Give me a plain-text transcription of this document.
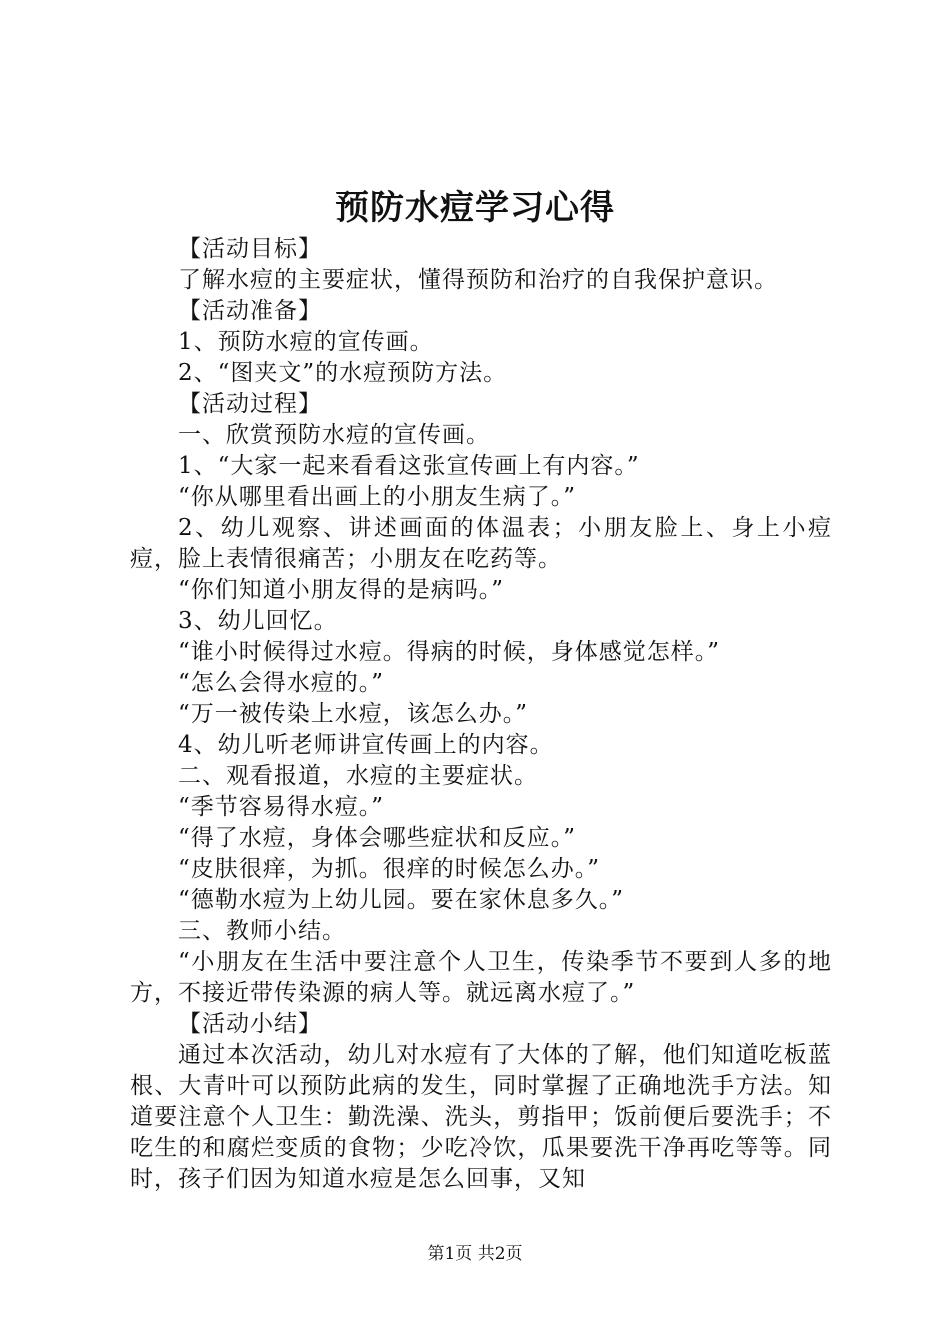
预防水痘学习心得

【活动目标】

了解水痘的主要症状，懂得预防和治疗的自我保护意识。

【活动准备】

1、预防水痘的宣传画。

2、“图夹文”的水痘预防方法。

【活动过程】

一、欣赏预防水痘的宣传画。

1、“大家一起来看看这张宣传画上有内容。”

“你从哪里看出画上的小朋友生病了。”

2、幼儿观察、讲述画面的体温表；小朋友脸上、身上小痘痘，脸上表情很痛苦；小朋友在吃药等。

“你们知道小朋友得的是病吗。”

3、幼儿回忆。

“谁小时候得过水痘。得病的时候，身体感觉怎样。”

“怎么会得水痘的。”

“万一被传染上水痘，该怎么办。”

4、幼儿听老师讲宣传画上的内容。

二、观看报道，水痘的主要症状。

“季节容易得水痘。”

“得了水痘，身体会哪些症状和反应。”

“皮肤很痒，为抓。很痒的时候怎么办。”

“德勒水痘为上幼儿园。要在家休息多久。”

三、教师小结。

“小朋友在生活中要注意个人卫生，传染季节不要到人多的地方，不接近带传染源的病人等。就远离水痘了。”

【活动小结】

通过本次活动，幼儿对水痘有了大体的了解，他们知道吃板蓝根、大青叶可以预防此病的发生，同时掌握了正确地洗手方法。知道要注意个人卫生：勤洗澡、洗头，剪指甲；饭前便后要洗手；不吃生的和腐烂变质的食物；少吃冷饮，瓜果要洗干净再吃等等。同时，孩子们因为知道水痘是怎么回事，又知

第1页 共2页
